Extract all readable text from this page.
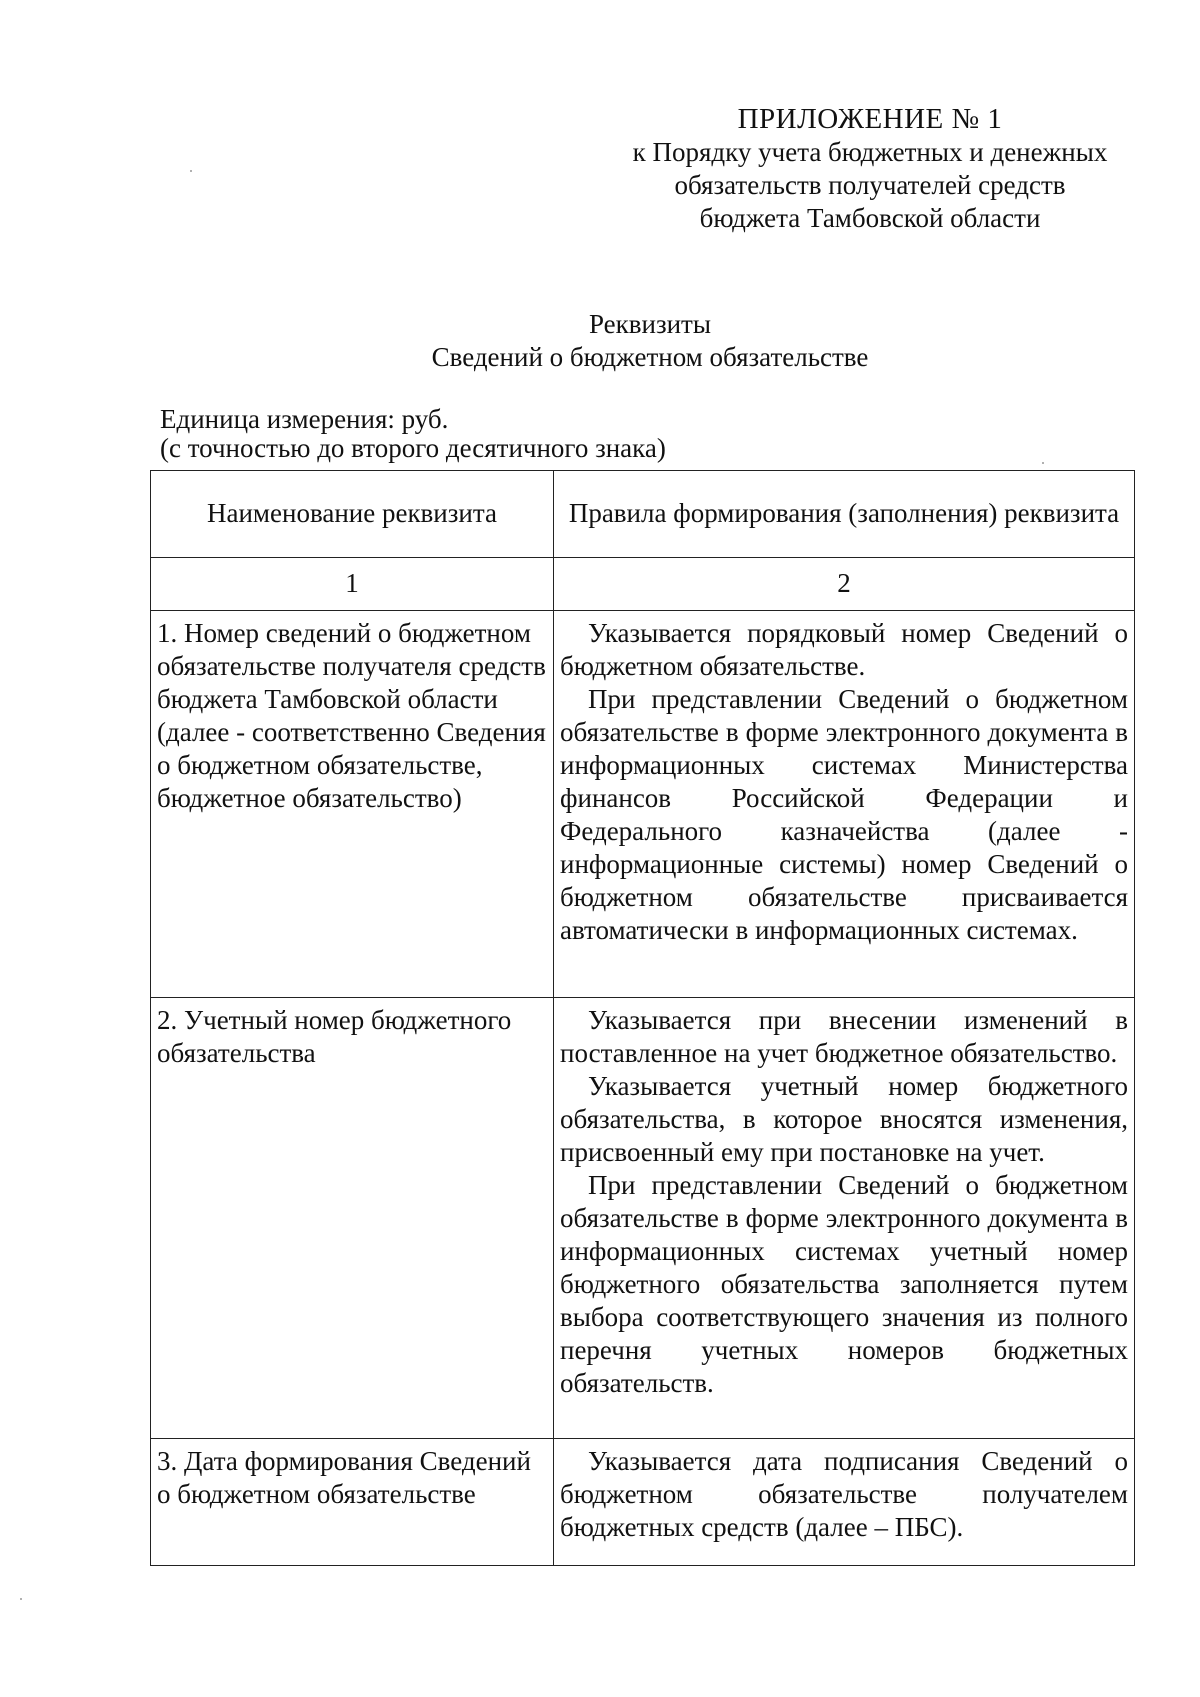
ПРИЛОЖЕНИЕ № 1
к Порядку учета бюджетных и денежных
обязательств получателей средств
бюджета Тамбовской области
Реквизиты
Сведений о бюджетном обязательстве
Единица измерения: руб.
(с точностью до второго десятичного знака)
Наименование реквизита	Правила формирования (заполнения) реквизита
1	2
1. Номер сведений о бюджетном обязательстве получателя средств бюджета Тамбовской области (далее - соответственно Сведения о бюджетном обязательстве, бюджетное обязательство)	Указывается порядковый номер Сведений о бюджетном обязательстве.

При представлении Сведений о бюджетном обязательстве в форме электронного документа в информационных системах Министерства финансов Российской Федерации и Федерального казначейства (далее - информационные системы) номер Сведений о бюджетном обязательстве присваивается автоматически в информационных системах.

2. Учетный номер бюджетного обязательства	Указывается при внесении изменений в поставленное на учет бюджетное обязательство.

Указывается учетный номер бюджетного обязательства, в которое вносятся изменения, присвоенный ему при постановке на учет.

При представлении Сведений о бюджетном обязательстве в форме электронного документа в информационных системах учетный номер бюджетного обязательства заполняется путем выбора соответствующего значения из полного перечня учетных номеров бюджетных обязательств.

3. Дата формирования Сведений о бюджетном обязательстве	Указывается дата подписания Сведений о бюджетном обязательстве получателем бюджетных средств (далее – ПБС).
